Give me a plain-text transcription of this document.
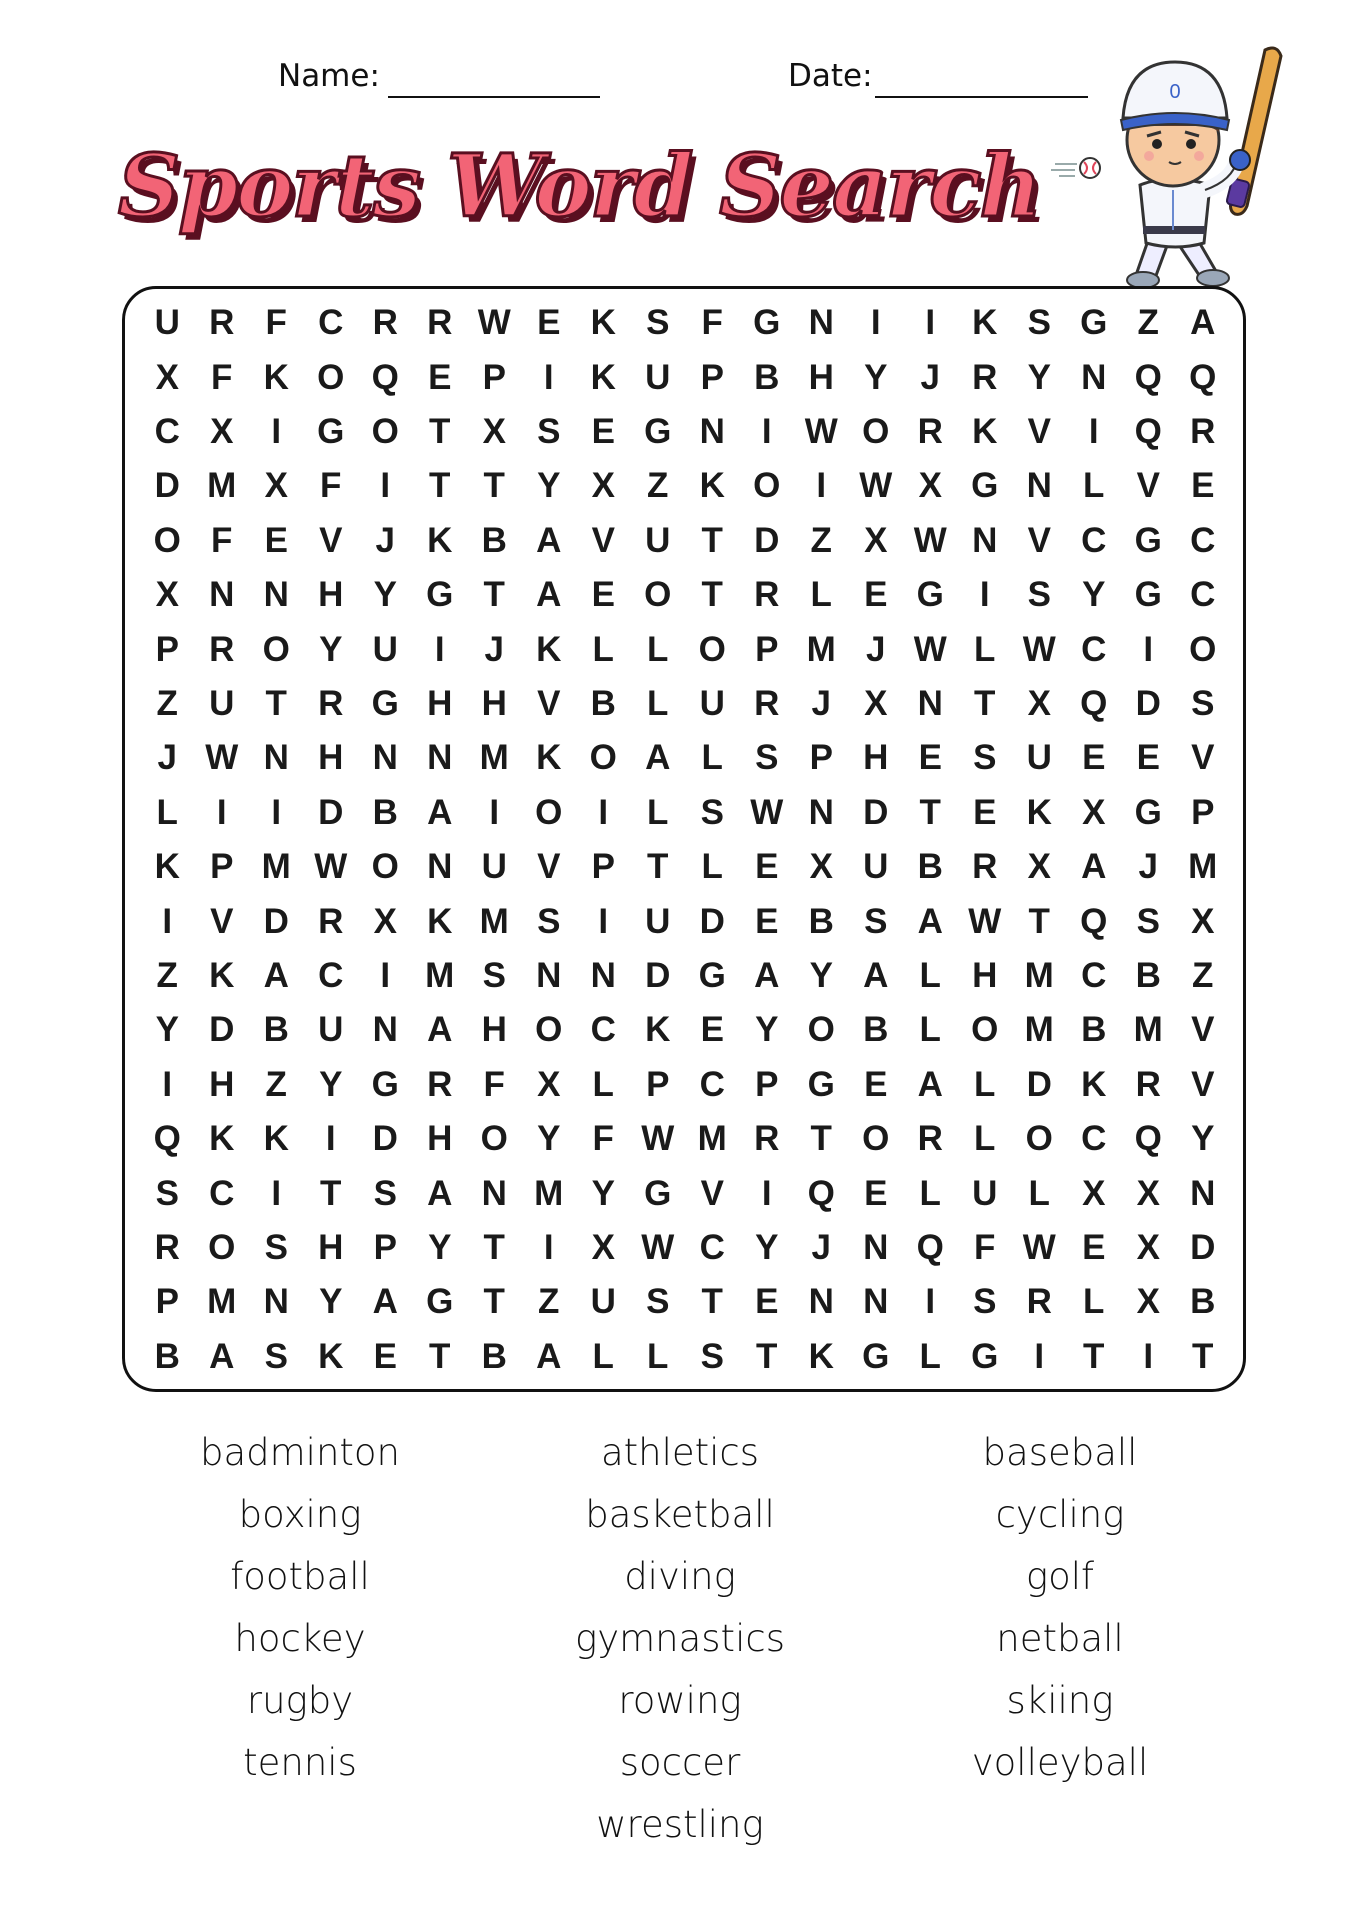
Name:	Date:
Sports Word Search
0
U R F C R R W E K S F G N	I	I	K S G Z A
X F K O Q E P	I	K U P B H Y J R Y N Q Q
C X	I	G O T X S E G N	I W O R K V	I	Q R
D M X F	I	T T Y X Z K O	I W X G N L V E
O F E V J K B A V U T D Z X W N V C G C
X N N H Y G T A E O T R L E G	I	S Y G C
P R O Y U	I	J K L L O P M J W L W C	I	O
Z U T R G H H V B L U R J X N T X Q D S
J W N H N N M K O A L S P H E S U E E V
L	I	I	D B A	I	O	I	L S W N D T E K X G P
K P M W O N U V P T L E X U B R X A J M
I	V D R X K M S	I	U D E B S A W T Q S X
Z K A C	I	M S N N D G A Y A L H M C B Z
Y D B U N A H O C K E Y O B L O M B M V
I	H Z Y G R F X L P C P G E A L D K R V
Q K K	I	D H O Y F W M R T O R L O C Q Y
S C	I	T S A N M Y G V	I	Q E L U L X X N
R O S H P Y T	I	X W C Y J N Q F W E X D
P M N Y A G T Z U S T E N N	I	S R L X B
B A S K E T B A L L S T K G L G	I	T	I	T
badminton
boxing
football
hockey
rugby
tennis
athletics
basketball
diving
gymnastics
rowing
soccer
wrestling
baseball
cycling
golf
netball
skiing
volleyball
